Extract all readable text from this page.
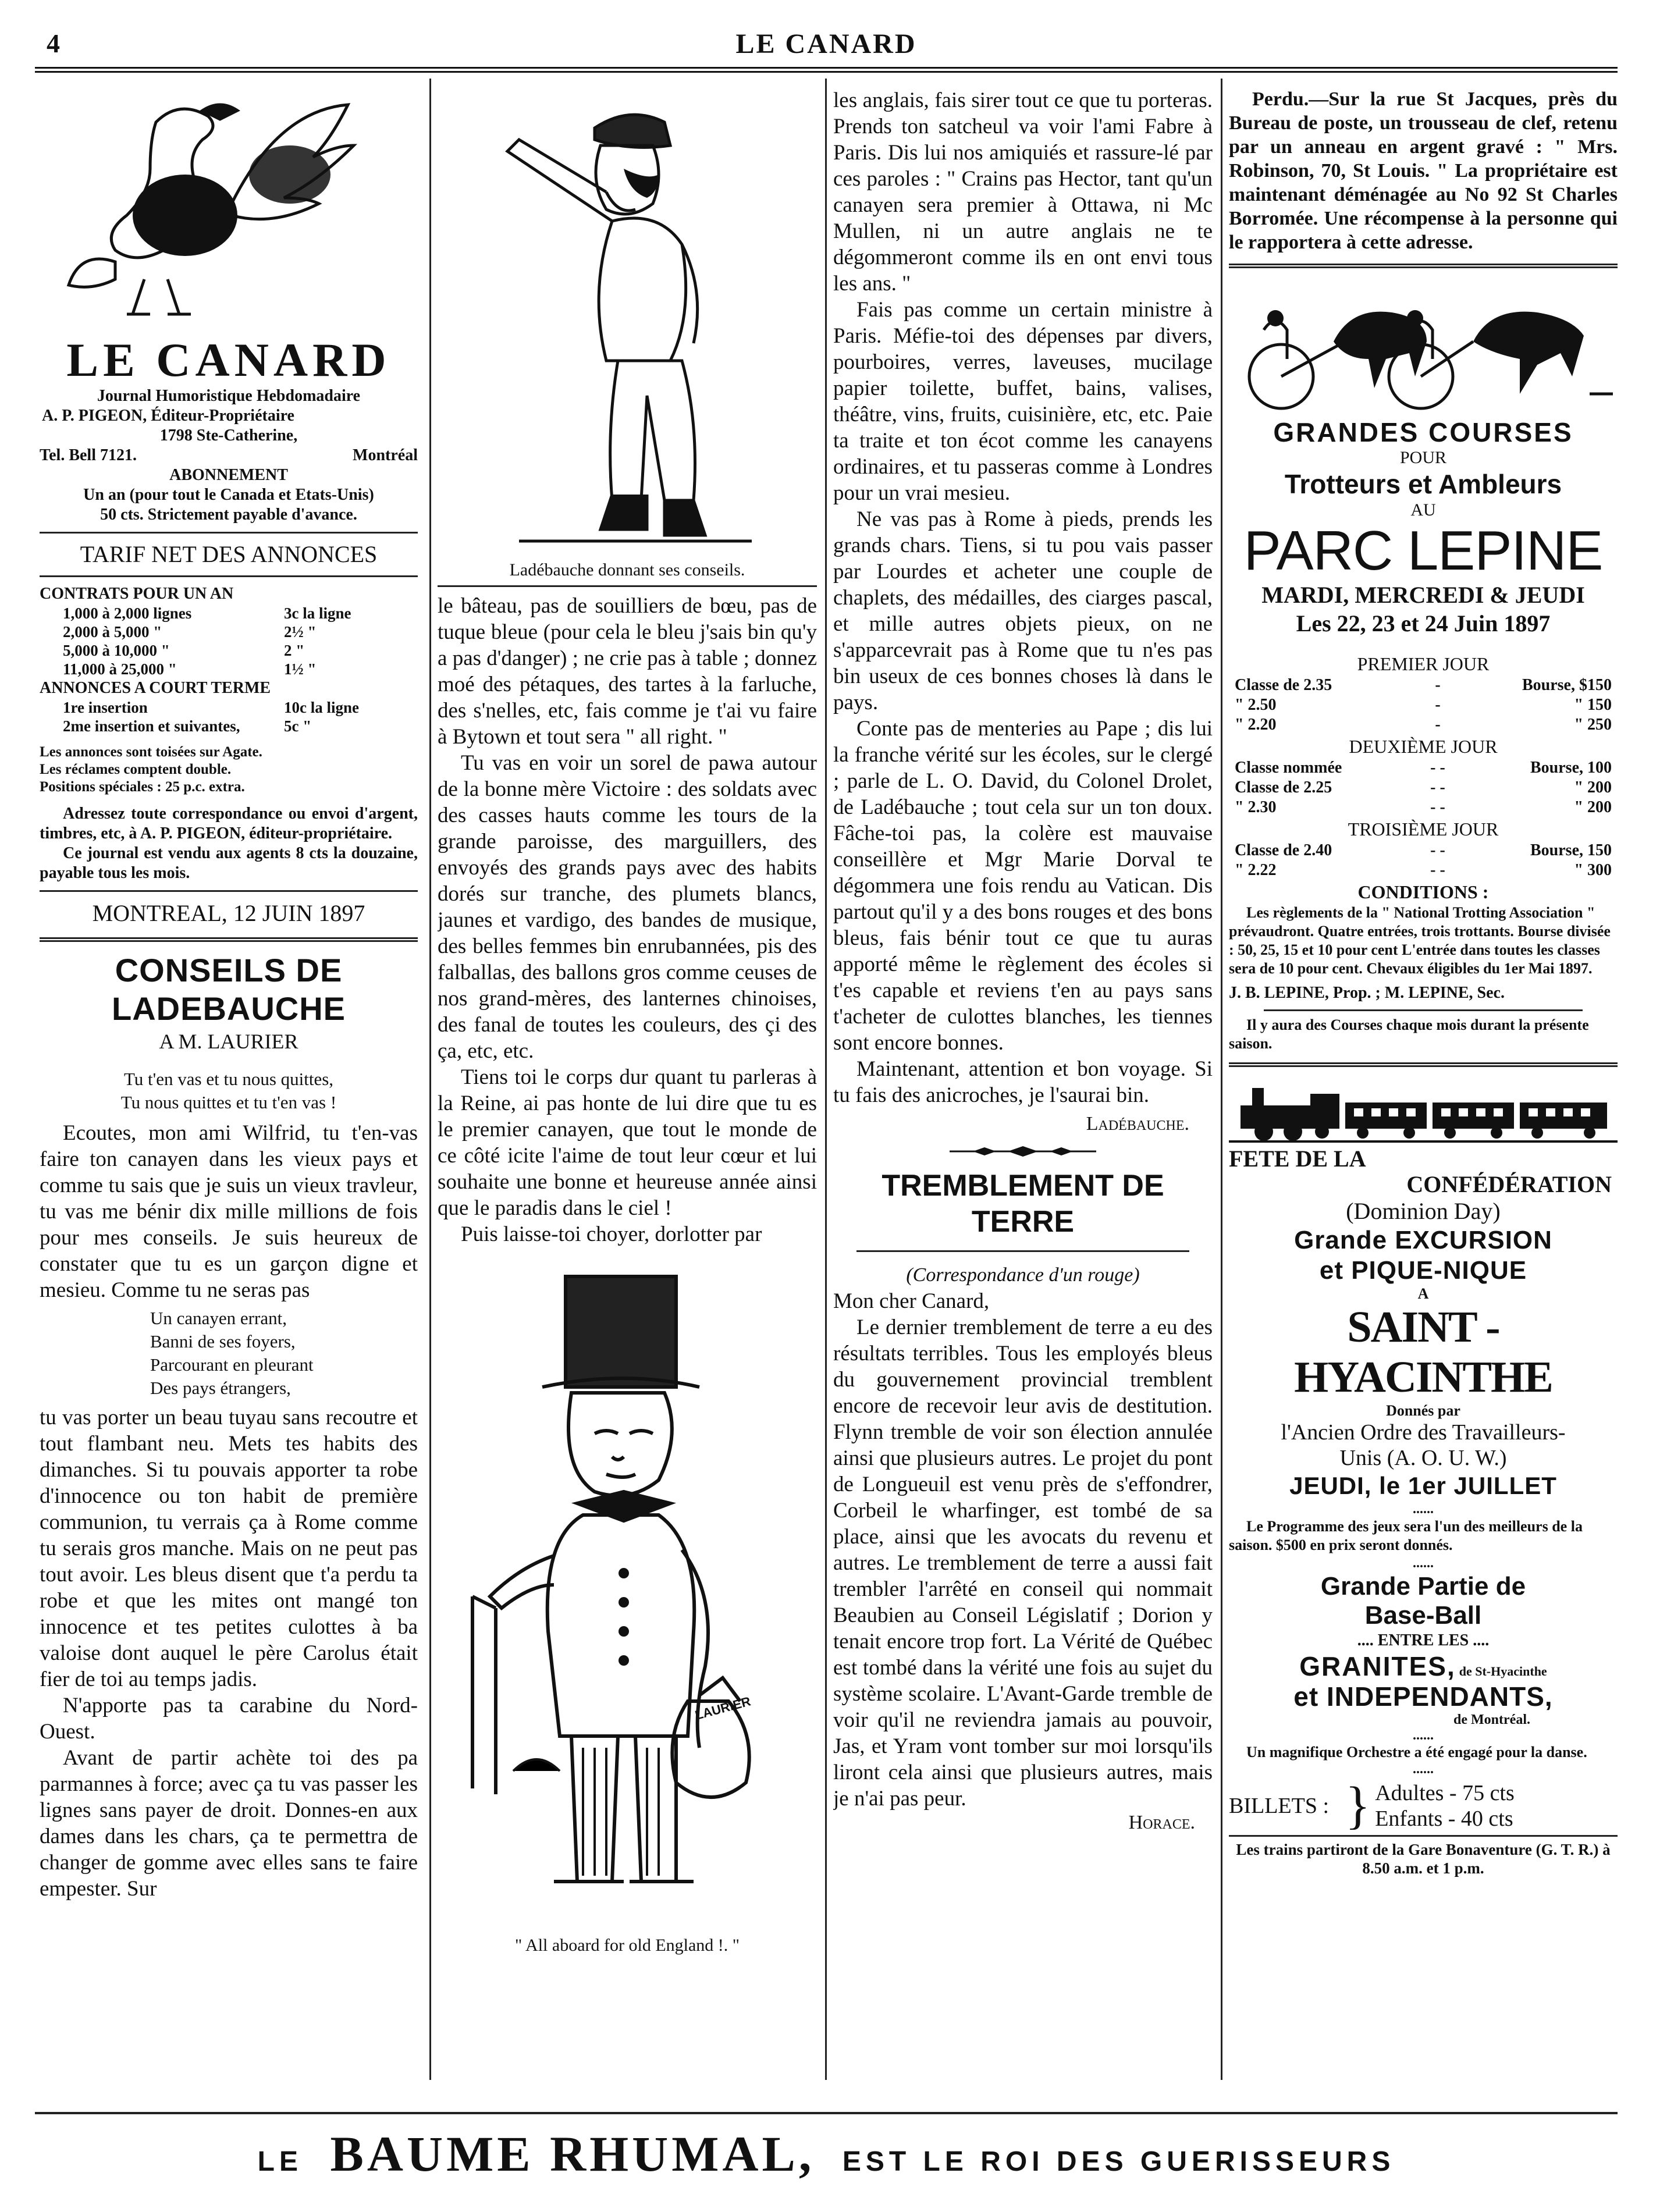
4	LE CANARD
LE CANARD
Journal Humoristique Hebdomadaire
A. P. PIGEON, Éditeur-Propriétaire
1798 Ste-Catherine,
Tel. Bell 7121.	Montréal
ABONNEMENT
Un an (pour tout le Canada et Etats-Unis)
50 cts. Strictement payable d'avance.
TARIF NET DES ANNONCES
CONTRATS POUR UN AN
1,000 à 2,000 lignes	3c la ligne
2,000 à 5,000 "	2½ "
5,000 à 10,000 "	2 "
11,000 à 25,000 "	1½ "
ANNONCES A COURT TERME
1re insertion	10c la ligne
2me insertion et suivantes,	5c "
Les annonces sont toisées sur Agate.
Les réclames comptent double.
Positions spéciales : 25 p.c. extra.
Adressez toute correspondance ou envoi d'argent, timbres, etc, à A. P. PIGEON, éditeur-propriétaire.
Ce journal est vendu aux agents 8 cts la douzaine, payable tous les mois.
MONTREAL, 12 JUIN 1897
CONSEILS DE LADEBAUCHE
A M. LAURIER
Tu t'en vas et tu nous quittes,
Tu nous quittes et tu t'en vas !

Ecoutes, mon ami Wilfrid, tu t'en-vas faire ton canayen dans les vieux pays et comme tu sais que je suis un vieux travleur, tu vas me bénir dix mille millions de fois pour mes conseils. Je suis heureux de constater que tu es un garçon digne et mesieu. Comme tu ne seras pas

Un canayen errant,
Banni de ses foyers,
Parcourant en pleurant
Des pays étrangers,

tu vas porter un beau tuyau sans recoutre et tout flambant neu. Mets tes habits des dimanches. Si tu pouvais apporter ta robe d'innocence ou ton habit de première communion, tu verrais ça à Rome comme tu serais gros manche. Mais on ne peut pas tout avoir. Les bleus disent que t'a perdu ta robe et que les mites ont mangé ton innocence et tes petites culottes à ba valoise dont auquel le père Carolus était fier de toi au temps jadis.

N'apporte pas ta carabine du Nord-Ouest.

Avant de partir achète toi des pa parmannes à force; avec ça tu vas passer les lignes sans payer de droit. Donnes-en aux dames dans les chars, ça te permettra de changer de gomme avec elles sans te faire empester. Sur

Ladébauche donnant ses conseils.

le bâteau, pas de souilliers de bœu, pas de tuque bleue (pour cela le bleu j'sais bin qu'y a pas d'danger) ; ne crie pas à table ; donnez moé des pétaques, des tartes à la farluche, des s'nelles, etc, fais comme je t'ai vu faire à Bytown et tout sera " all right. "

Tu vas en voir un sorel de pawa autour de la bonne mère Victoire : des soldats avec des casses hauts comme les tours de la grande paroisse, des marguillers, des envoyés des grands pays avec des habits dorés sur tranche, des plumets blancs, jaunes et vardigo, des bandes de musique, des belles femmes bin enrubannées, pis des falballas, des ballons gros comme ceuses de nos grand-mères, des lanternes chinoises, des fanal de toutes les couleurs, des çi des ça, etc, etc.

Tiens toi le corps dur quant tu parleras à la Reine, ai pas honte de lui dire que tu es le premier canayen, que tout le monde de ce côté icite l'aime de tout leur cœur et lui souhaite une bonne et heureuse année ainsi que le paradis dans le ciel !

Puis laisse-toi choyer, dorlotter par

LAURIER
" All aboard for old England !. "

les anglais, fais sirer tout ce que tu porteras. Prends ton satcheul va voir l'ami Fabre à Paris. Dis lui nos amiquiés et rassure-lé par ces paroles : " Crains pas Hector, tant qu'un canayen sera premier à Ottawa, ni Mc Mullen, ni un autre anglais ne te dégommeront comme ils en ont envi tous les ans. "

Fais pas comme un certain ministre à Paris. Méfie-toi des dépenses par divers, pourboires, verres, laveuses, mucilage papier toilette, buffet, bains, valises, théâtre, vins, fruits, cuisinière, etc, etc. Paie ta traite et ton écot comme les canayens ordinaires, et tu passeras comme à Londres pour un vrai mesieu.

Ne vas pas à Rome à pieds, prends les grands chars. Tiens, si tu pou vais passer par Lourdes et acheter une couple de chaplets, des médailles, des ciarges pascal, et mille autres objets pieux, on ne s'apparcevrait pas à Rome que tu n'es pas bin useux de ces bonnes choses là dans le pays.

Conte pas de menteries au Pape ; dis lui la franche vérité sur les écoles, sur le clergé ; parle de L. O. David, du Colonel Drolet, de Ladébauche ; tout cela sur un ton doux. Fâche-toi pas, la colère est mauvaise conseillère et Mgr Marie Dorval te dégommera une fois rendu au Vatican. Dis partout qu'il y a des bons rouges et des bons bleus, fais bénir tout ce que tu auras apporté même le règlement des écoles si t'es capable et reviens t'en au pays sans t'acheter de culottes blanches, les tiennes sont encore bonnes.

Maintenant, attention et bon voyage. Si tu fais des anicroches, je l'saurai bin.

Ladébauche.
TREMBLEMENT DE TERRE
(Correspondance d'un rouge)

Mon cher Canard,

Le dernier tremblement de terre a eu des résultats terribles. Tous les employés bleus du gouvernement provincial tremblent encore de recevoir leur avis de destitution. Flynn tremble de voir son élection annulée ainsi que plusieurs autres. Le projet du pont de Longueuil est venu près de s'effondrer, Corbeil le wharfinger, est tombé de sa place, ainsi que les avocats du revenu et autres. Le tremblement de terre a aussi fait trembler l'arrêté en conseil qui nommait Beaubien au Conseil Législatif ; Dorion y tenait encore trop fort. La Vérité de Québec est tombé dans la vérité une fois au sujet du système scolaire. L'Avant-Garde tremble de voir qu'il ne reviendra jamais au pouvoir, Jas, et Yram vont tomber sur moi lorsqu'ils liront cela ainsi que plusieurs autres, mais je n'ai pas peur.

Horace.

Perdu.—Sur la rue St Jacques, près du Bureau de poste, un trousseau de clef, retenu par un anneau en argent gravé : " Mrs. Robinson, 70, St Louis. " La propriétaire est maintenant déménagée au No 92 St Charles Borromée. Une récompense à la personne qui le rapportera à cette adresse.

GRANDES COURSES
POUR
Trotteurs et Ambleurs
AU
PARC LEPINE
MARDI, MERCREDI & JEUDI
Les 22, 23 et 24 Juin 1897
PREMIER JOUR
Classe de 2.35	-	Bourse, $150
" 2.50	-	" 150
" 2.20	-	" 250
DEUXIÈME JOUR
Classe nommée	- -	Bourse, 100
Classe de 2.25	- -	" 200
" 2.30	- -	" 200
TROISIÈME JOUR
Classe de 2.40	- -	Bourse, 150
" 2.22	- -	" 300
CONDITIONS :
Les règlements de la " National Trotting Association " prévaudront. Quatre entrées, trois trottants. Bourse divisée : 50, 25, 15 et 10 pour cent L'entrée dans toutes les classes sera de 10 pour cent. Chevaux éligibles du 1er Mai 1897.
J. B. LEPINE, Prop. ; M. LEPINE, Sec.
Il y aura des Courses chaque mois durant la présente saison.
FETE DE LA
CONFÉDÉRATION
(Dominion Day)
Grande EXCURSION
et PIQUE-NIQUE
A
SAINT - HYACINTHE
Donnés par
l'Ancien Ordre des Travailleurs-
Unis (A. O. U. W.)
JEUDI, le 1er JUILLET
......
Le Programme des jeux sera l'un des meilleurs de la saison. $500 en prix seront donnés.
......
Grande Partie de
Base-Ball
.... ENTRE LES ....
GRANITES, de St-Hyacinthe
et INDEPENDANTS,
de Montréal.
......
Un magnifique Orchestre a été engagé pour la danse.
......
BILLETS : } Adultes - 75 cts
Enfants - 40 cts
Les trains partiront de la Gare Bonaventure (G. T. R.) à 8.50 a.m. et 1 p.m.
LE BAUME RHUMAL, EST LE ROI DES GUERISSEURS
